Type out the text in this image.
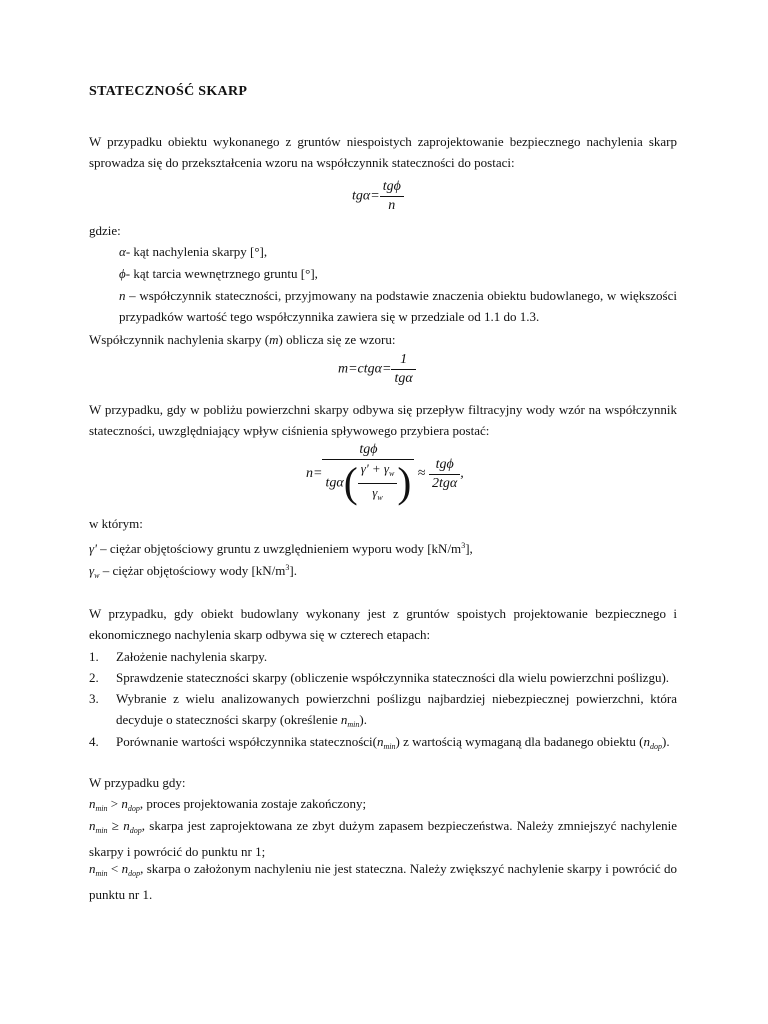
STATECZNOŚĆ SKARP
W przypadku obiektu wykonanego z gruntów niespoistych zaprojektowanie bezpiecznego nachylenia skarp sprowadza się do przekształcenia wzoru na współczynnik stateczności do postaci:
$tg\alpha= \frac{\text{tgϕ}}{n}$
gdzie:
α- kąt nachylenia skarpy [°],
ϕ- kąt tarcia wewnętrznego gruntu [°],
n – współczynnik stateczności, przyjmowany na podstawie znaczenia obiektu budowlanego, w większości przypadków wartość tego współczynnika zawiera się w przedziale od 1.1 do 1.3.
Współczynnik nachylenia skarpy (m) oblicza się ze wzoru:
$m=ctg\alpha= \frac{1}{\text{tgα}}$
W przypadku, gdy w pobliżu powierzchni skarpy odbywa się przepływ filtracyjny wody wzór na współczynnik stateczności, uwzględniający wpływ ciśnienia spływowego przybiera postać:
$n= \frac{\text{tgϕ}}{tg\alpha( \frac{\gamma' + \gamma_w}{\gamma_w} )} \approx \frac{\text{tgϕ}}{\text{2tgα}}$ ,
w którym:
γ' – ciężar objętościowy gruntu z uwzględnieniem wyporu wody $[kN/m^3]$,
$\gamma_w$ – ciężar objętościowy wody $[kN/m^3]$.
W przypadku, gdy obiekt budowlany wykonany jest z gruntów spoistych projektowanie bezpiecznego i ekonomicznego nachylenia skarp odbywa się w czterech etapach:
1.	Założenie nachylenia skarpy.
2.	Sprawdzenie stateczności skarpy (obliczenie współczynnika stateczności dla wielu powierzchni poślizgu).
3.	Wybranie z wielu analizowanych powierzchni poślizgu najbardziej niebezpiecznej powierzchni, która decyduje o stateczności skarpy (określenie $n_{min}$).
4.	Porównanie wartości współczynnika $stateczności(n_{min})$ z wartością wymaganą dla badanego obiektu $(n_{dop})$.
W przypadku gdy:
$n_{min} > n_{dop}$, proces projektowania zostaje zakończony;
$n_{min} \ge n_{dop}$, skarpa jest zaprojektowana ze zbyt dużym zapasem bezpieczeństwa. Należy zmniejszyć nachylenie skarpy i powrócić do punktu nr 1;
$n_{min} < n_{dop}$, skarpa o założonym nachyleniu nie jest stateczna. Należy zwiększyć nachylenie skarpy i powrócić do punktu nr 1.
